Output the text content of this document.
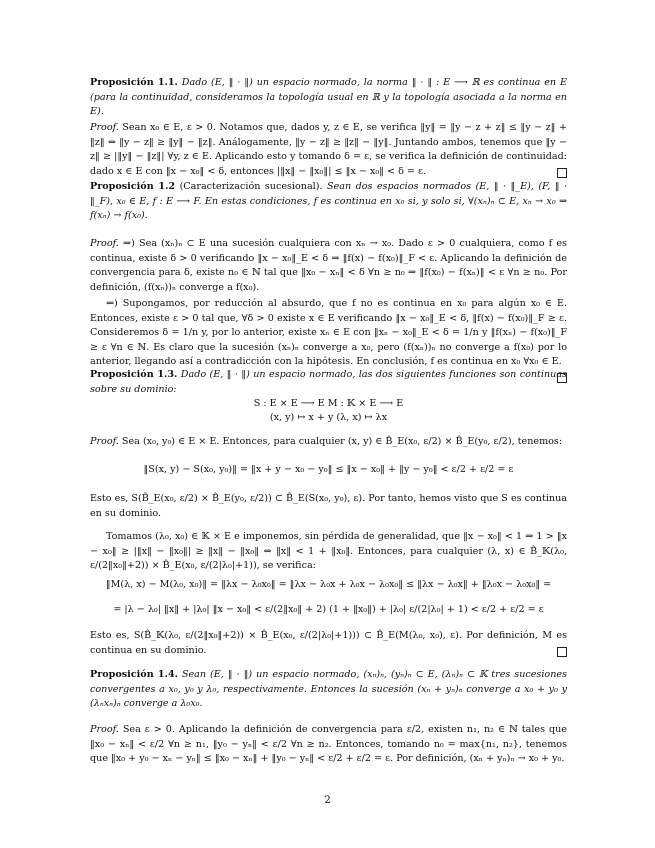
Proposición 1.1. Dado (E, ‖ · ‖) un espacio normado, la norma ‖ · ‖ : E ⟶ ℝ es continua en E (para la continuidad, consideramos la topología usual en ℝ y la topología asociada a la norma en E).
Proof. Sean x₀ ∈ E, ε > 0. Notamos que, dados y, z ∈ E, se verifica ‖y‖ = ‖y − z + z‖ ≤ ‖y − z‖ + ‖z‖ ⇔ ‖y − z‖ ≥ ‖y‖ − ‖z‖. Análogamente, ‖y − z‖ ≥ ‖z‖ − ‖y‖. Juntando ambos, tenemos que ‖y − z‖ ≥ |‖y‖ − ‖z‖| ∀y, z ∈ E. Aplicando esto y tomando δ = ε, se verifica la definición de continuidad: dado x ∈ E con ‖x − x₀‖ < δ, entonces |‖x‖ − ‖x₀‖| ≤ ‖x − x₀‖ < δ = ε.
Proposición 1.2 (Caracterización sucesional). Sean dos espacios normados (E, ‖ · ‖_E), (F, ‖ · ‖_F), x₀ ∈ E, f : E ⟶ F. En estas condiciones, f es continua en x₀ si, y solo si, ∀(xₙ)ₙ ⊂ E, xₙ → x₀ ⇒ f(xₙ) → f(x₀).
Proof. ⇒) Sea (xₙ)ₙ ⊂ E una sucesión cualquiera con xₙ → x₀. Dado ε > 0 cualquiera, como f es continua, existe δ > 0 verificando ‖x − x₀‖_E < δ ⇒ ‖f(x) − f(x₀)‖_F < ε. Aplicando la definición de convergencia para δ, existe n₀ ∈ ℕ tal que ‖x₀ − xₙ‖ < δ ∀n ≥ n₀ ⇒ ‖f(x₀) − f(xₙ)‖ < ε ∀n ≥ n₀. Por definición, (f(xₙ))ₙ converge a f(x₀).
⇐) Supongamos, por reducción al absurdo, que f no es continua en x₀ para algún x₀ ∈ E. Entonces, existe ε > 0 tal que, ∀δ > 0 existe x ∈ E verificando ‖x − x₀‖_E < δ, ‖f(x) − f(x₀)‖_F ≥ ε. Consideremos δ = 1/n y, por lo anterior, existe xₙ ∈ E con ‖xₙ − x₀‖_E < δ = 1/n y ‖f(xₙ) − f(x₀)‖_F ≥ ε ∀n ∈ ℕ. Es claro que la sucesión (xₙ)ₙ converge a x₀, pero (f(xₙ))ₙ no converge a f(x₀) por lo anterior, llegando así a contradicción con la hipótesis. En conclusión, f es continua en x₀ ∀x₀ ∈ E.
Proposición 1.3. Dado (E, ‖ · ‖) un espacio normado, las dos siguientes funciones son continuas sobre su dominio:
S : E × E ⟶ E M : 𝕂 × E ⟶ E
(x, y) ↦ x + y (λ, x) ↦ λx
Proof. Sea (x₀, y₀) ∈ E × E. Entonces, para cualquier (x, y) ∈ B̂_E(x₀, ε/2) × B̂_E(y₀, ε/2), tenemos:
‖S(x, y) − S(x₀, y₀)‖ = ‖x + y − x₀ − y₀‖ ≤ ‖x − x₀‖ + ‖y − y₀‖ < ε/2 + ε/2 = ε
Esto es, S(B̂_E(x₀, ε/2) × B̂_E(y₀, ε/2)) ⊂ B̂_E(S(x₀, y₀), ε). Por tanto, hemos visto que S es continua en su dominio.
Tomamos (λ₀, x₀) ∈ 𝕂 × E e imponemos, sin pérdida de generalidad, que ‖x − x₀‖ < 1 ⇒ 1 > ‖x − x₀‖ ≥ |‖x‖ − ‖x₀‖| ≥ ‖x‖ − ‖x₀‖ ⇔ ‖x‖ < 1 + ‖x₀‖. Entonces, para cualquier (λ, x) ∈ B̂_𝕂(λ₀, ε/(2‖x₀‖+2)) × B̂_E(x₀, ε/(2|λ₀|+1)), se verifica:
‖M(λ, x) − M(λ₀, x₀)‖ = ‖λx − λ₀x₀‖ = ‖λx − λ₀x + λ₀x − λ₀x₀‖ ≤ ‖λx − λ₀x‖ + ‖λ₀x − λ₀x₀‖ =
= |λ − λ₀| ‖x‖ + |λ₀| ‖x − x₀‖ < ε/(2‖x₀‖ + 2) (1 + ‖x₀‖) + |λ₀| ε/(2|λ₀| + 1) < ε/2 + ε/2 = ε
Esto es, S(B̂_𝕂(λ₀, ε/(2‖x₀‖+2)) × B̂_E(x₀, ε/(2|λ₀|+1))) ⊂ B̂_E(M(λ₀, x₀), ε). Por definición, M es continua en su dominio.
Proposición 1.4. Sean (E, ‖ · ‖) un espacio normado, (xₙ)ₙ, (yₙ)ₙ ⊂ E, (λₙ)ₙ ⊂ 𝕂 tres sucesiones convergentes a x₀, y₀ y λ₀, respectivamente. Entonces la sucesión (xₙ + yₙ)ₙ converge a x₀ + y₀ y (λₙxₙ)ₙ converge a λ₀x₀.
Proof. Sea ε > 0. Aplicando la definición de convergencia para ε/2, existen n₁, n₂ ∈ ℕ tales que ‖x₀ − xₙ‖ < ε/2 ∀n ≥ n₁, ‖y₀ − yₙ‖ < ε/2 ∀n ≥ n₂. Entonces, tomando n₀ = max{n₁, n₂}, tenemos que ‖x₀ + y₀ − xₙ − yₙ‖ ≤ ‖x₀ − xₙ‖ + ‖y₀ − yₙ‖ < ε/2 + ε/2 = ε. Por definición, (xₙ + yₙ)ₙ → x₀ + y₀.
2
